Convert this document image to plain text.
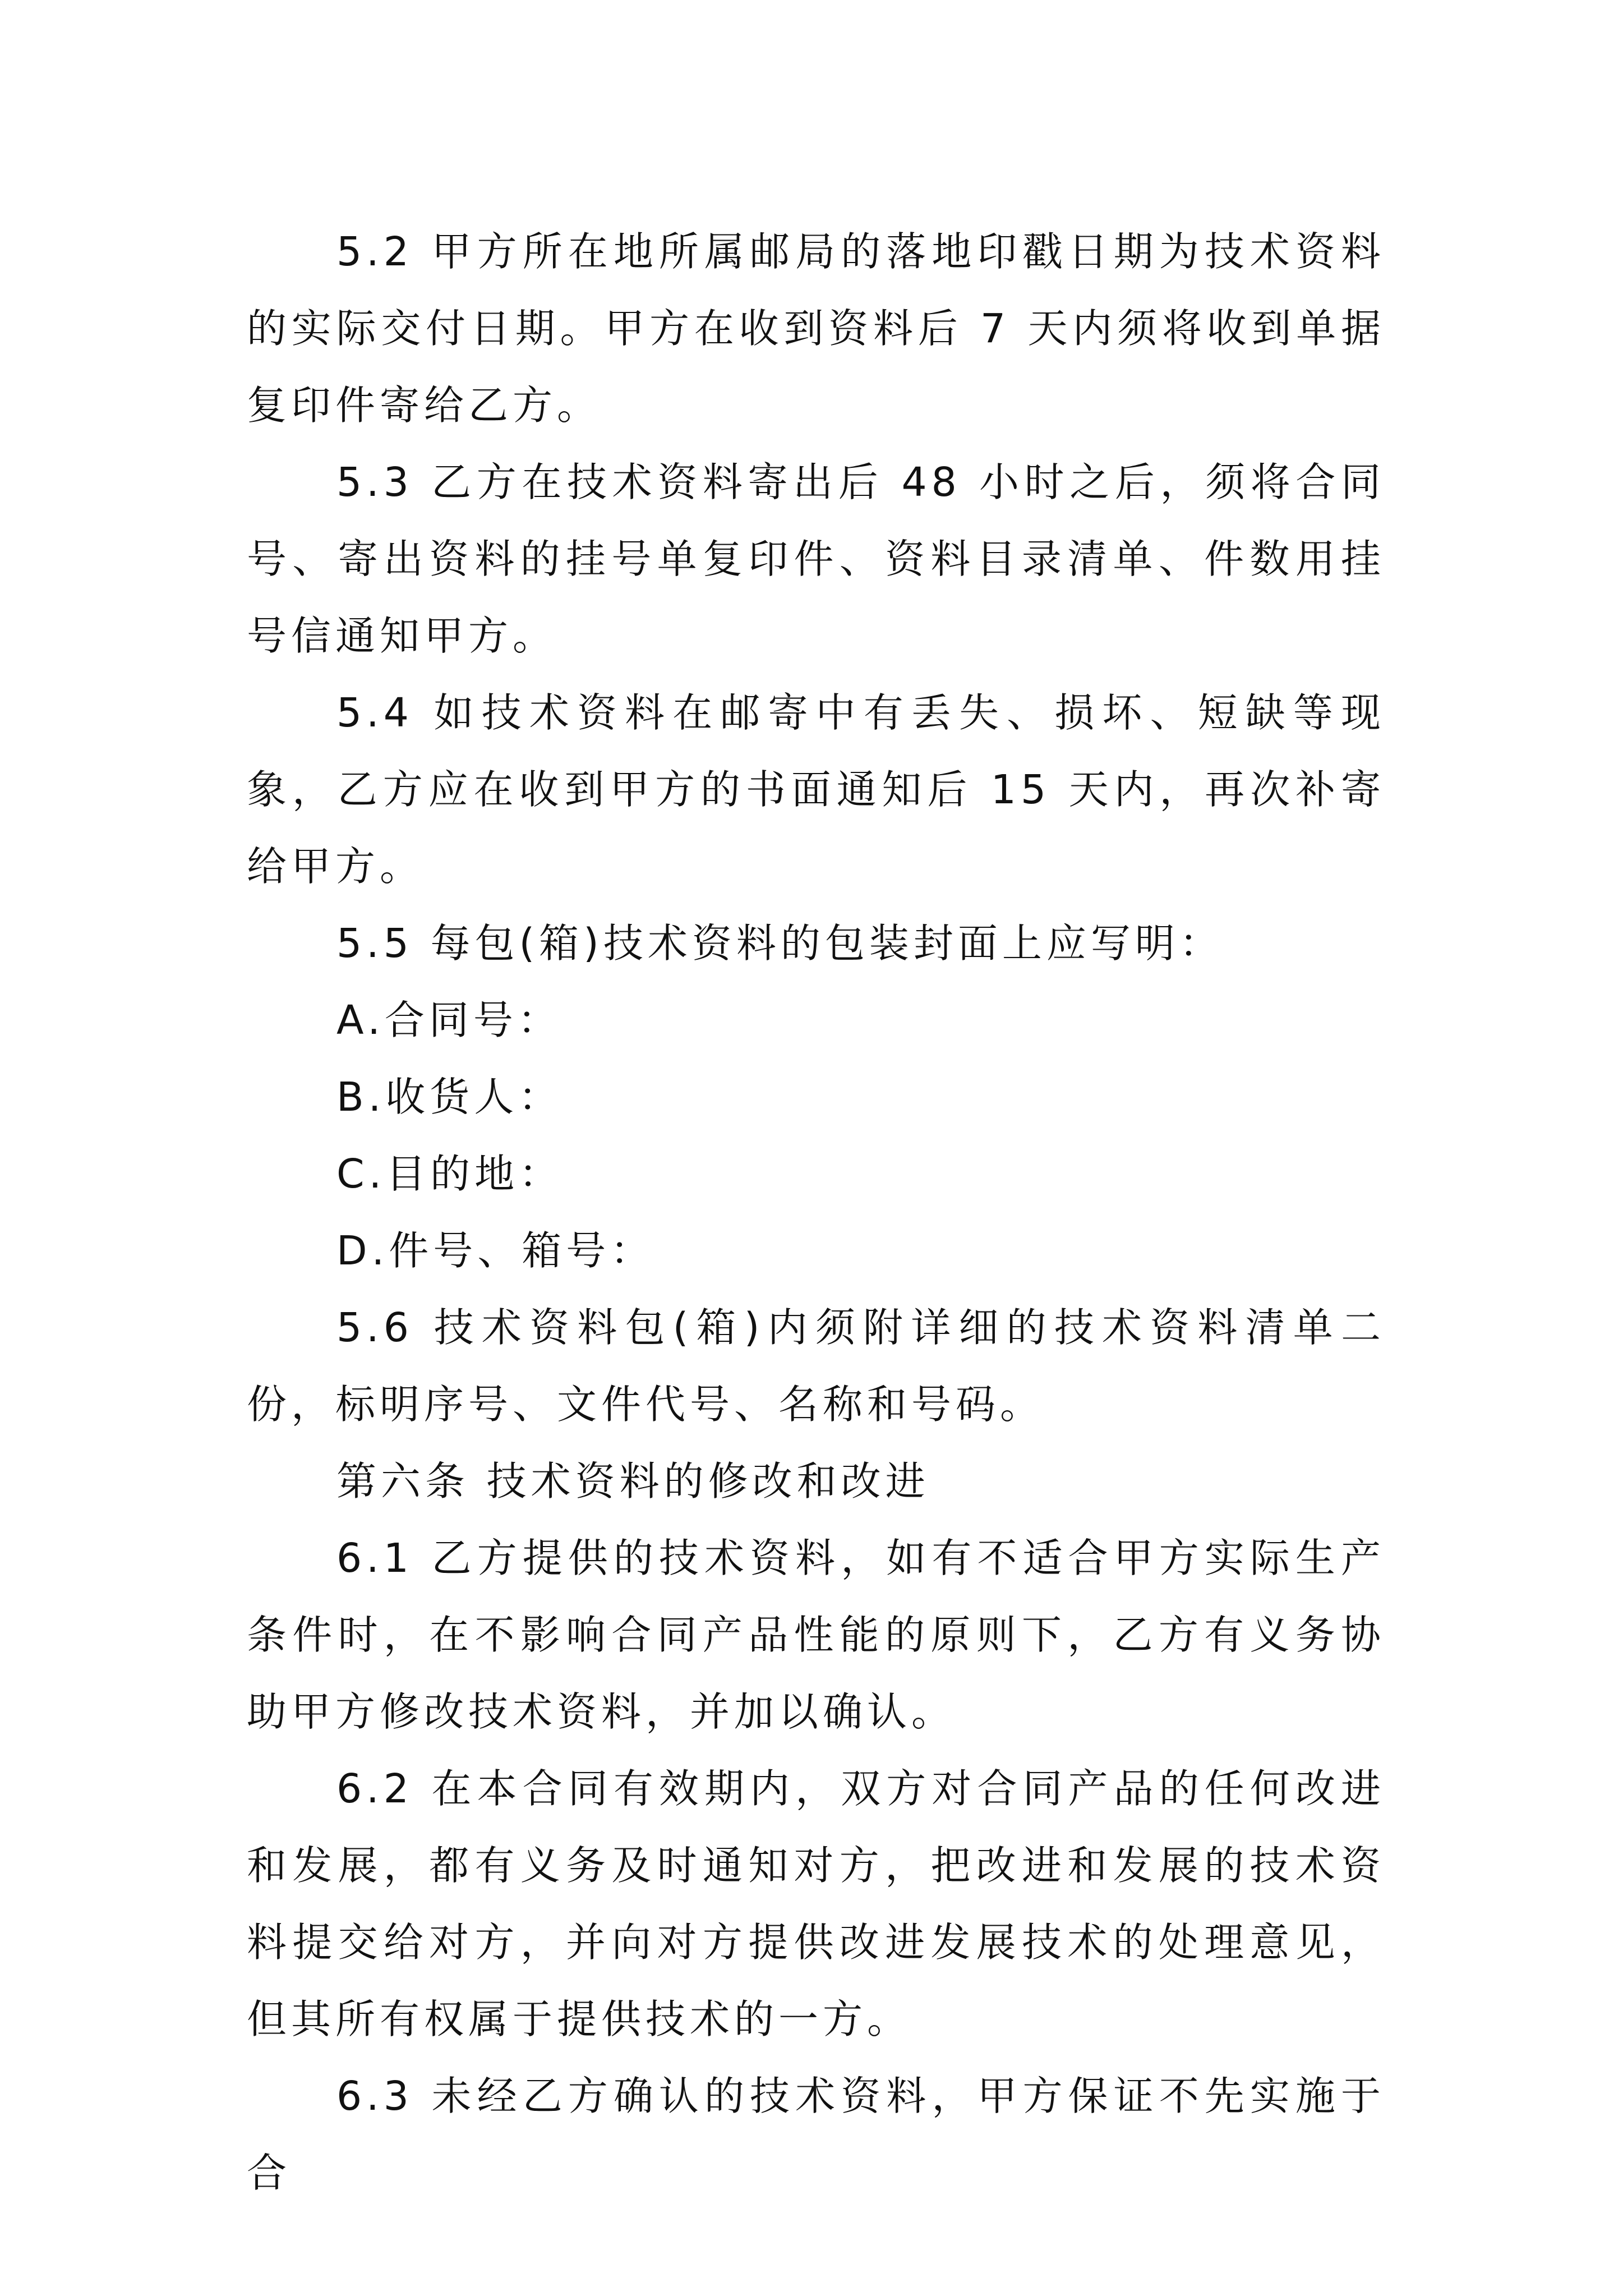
5.2 甲方所在地所属邮局的落地印戳日期为技术资料的实际交付日期。甲方在收到资料后 7 天内须将收到单据复印件寄给乙方。

5.3 乙方在技术资料寄出后 48 小时之后，须将合同号、寄出资料的挂号单复印件、资料目录清单、件数用挂号信通知甲方。

5.4 如技术资料在邮寄中有丢失、损坏、短缺等现象，乙方应在收到甲方的书面通知后 15 天内，再次补寄给甲方。

5.5 每包(箱)技术资料的包装封面上应写明：

A.合同号：

B.收货人：

C.目的地：

D.件号、箱号：

5.6 技术资料包(箱)内须附详细的技术资料清单二份，标明序号、文件代号、名称和号码。

第六条 技术资料的修改和改进

6.1 乙方提供的技术资料，如有不适合甲方实际生产条件时，在不影响合同产品性能的原则下，乙方有义务协助甲方修改技术资料，并加以确认。

6.2 在本合同有效期内，双方对合同产品的任何改进和发展，都有义务及时通知对方，把改进和发展的技术资料提交给对方，并向对方提供改进发展技术的处理意见，但其所有权属于提供技术的一方。

6.3 未经乙方确认的技术资料，甲方保证不先实施于合
